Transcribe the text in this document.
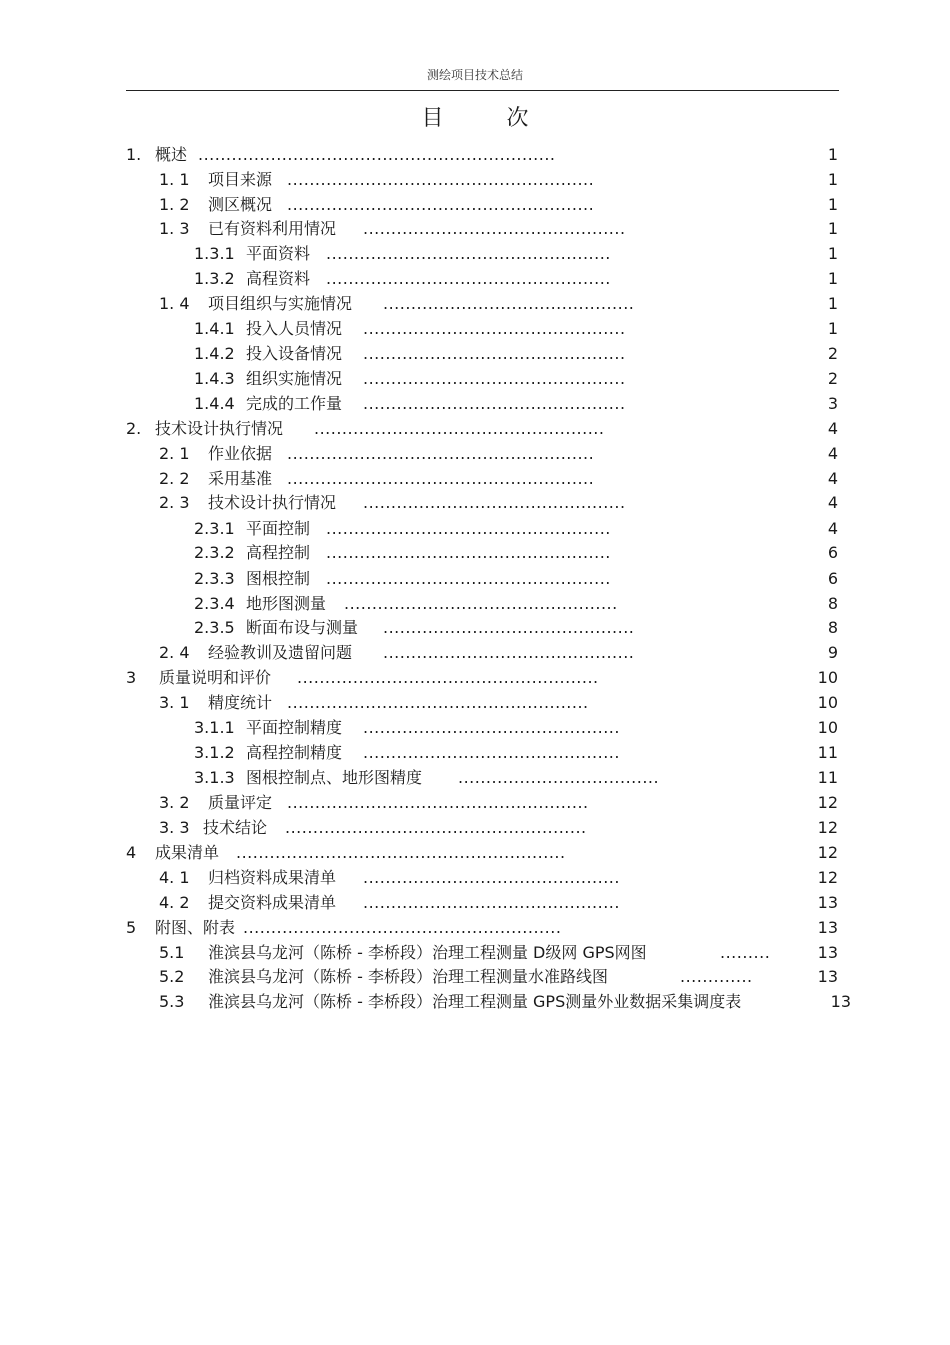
测绘项目技术总结
目 次
1. 概述 ................................................................	1
1. 1 项目来源 .......................................................	1
1. 2 测区概况 .......................................................	1
1. 3 已有资料利用情况 ...............................................	1
1.3.1 平面资料 ...................................................	1
1.3.2 高程资料 ...................................................	1
1. 4 项目组织与实施情况 .............................................	1
1.4.1 投入人员情况 ...............................................	1
1.4.2 投入设备情况 ...............................................	2
1.4.3 组织实施情况 ...............................................	2
1.4.4 完成的工作量 ...............................................	3
2. 技术设计执行情况 ....................................................	4
2. 1 作业依据 .......................................................	4
2. 2 采用基准 .......................................................	4
2. 3 技术设计执行情况 ...............................................	4
2.3.1 平面控制 ...................................................	4
2.3.2 高程控制 ...................................................	6
2.3.3 图根控制 ...................................................	6
2.3.4 地形图测量 .................................................	8
2.3.5 断面布设与测量 .............................................	8
2. 4 经验教训及遗留问题 .............................................	9
3 质量说明和评价 ......................................................	10
3. 1 精度统计 ......................................................	10
3.1.1 平面控制精度 ..............................................	10
3.1.2 高程控制精度 ..............................................	11
3.1.3 图根控制点、地形图精度 ....................................	11
3. 2 质量评定 ......................................................	12
3. 3 技术结论 ......................................................	12
4 成果清单 ...........................................................	12
4. 1 归档资料成果清单 ..............................................	12
4. 2 提交资料成果清单 ..............................................	13
5 附图、附表 .........................................................	13
5.1 淮滨县乌龙河（陈桥 - 李桥段）治理工程测量 D级网 GPS网图	.........	13
5.2 淮滨县乌龙河（陈桥 - 李桥段）治理工程测量水准路线图	.............	13
5.3 淮滨县乌龙河（陈桥 - 李桥段）治理工程测量 GPS测量外业数据采集调度表	13
